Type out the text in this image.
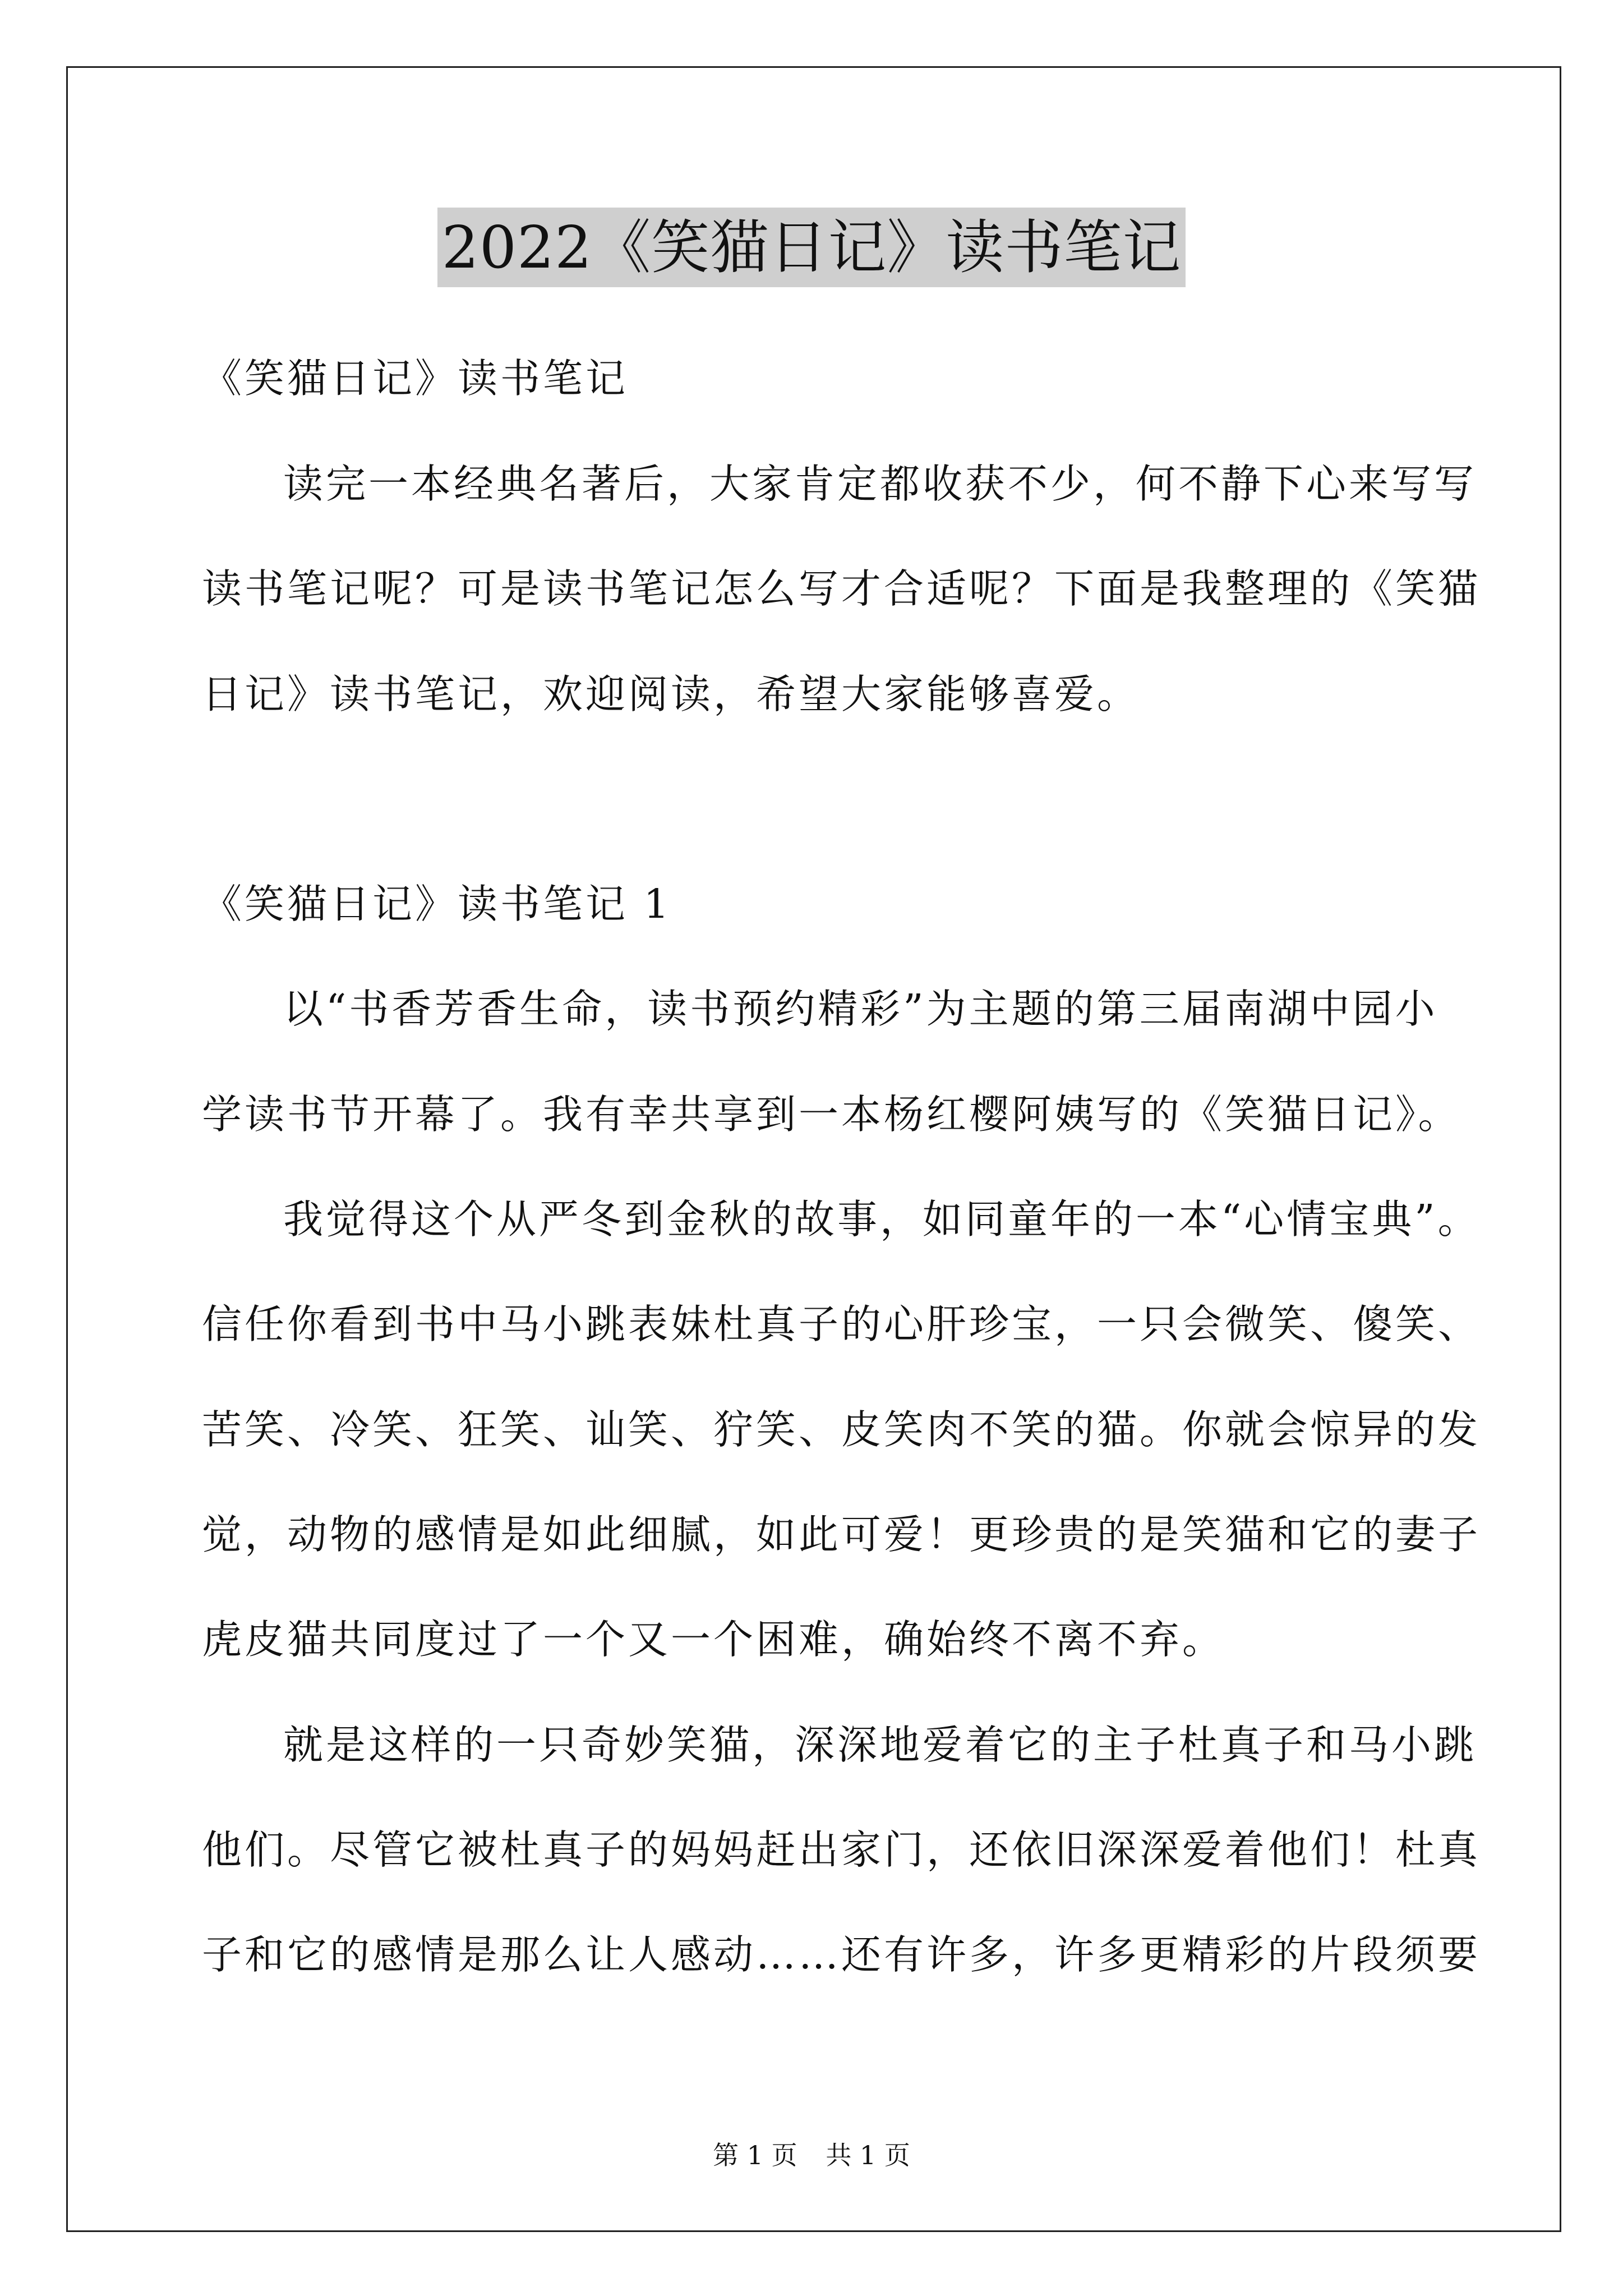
2022《笑猫日记》读书笔记
《笑猫日记》读书笔记
读完一本经典名著后，大家肯定都收获不少，何不静下心来写写
读书笔记呢？可是读书笔记怎么写才合适呢？下面是我整理的《笑猫
日记》读书笔记，欢迎阅读，希望大家能够喜爱。
《笑猫日记》读书笔记 1
以“书香芳香生命，读书预约精彩”为主题的第三届南湖中园小
学读书节开幕了。我有幸共享到一本杨红樱阿姨写的《笑猫日记》。
我觉得这个从严冬到金秋的故事，如同童年的一本“心情宝典”。
信任你看到书中马小跳表妹杜真子的心肝珍宝，一只会微笑、傻笑、
苦笑、冷笑、狂笑、讪笑、狞笑、皮笑肉不笑的猫。你就会惊异的发
觉，动物的感情是如此细腻，如此可爱！更珍贵的是笑猫和它的妻子
虎皮猫共同度过了一个又一个困难，确始终不离不弃。
就是这样的一只奇妙笑猫，深深地爱着它的主子杜真子和马小跳
他们。尽管它被杜真子的妈妈赶出家门，还依旧深深爱着他们！杜真
子和它的感情是那么让人感动……还有许多，许多更精彩的片段须要
第 1 页 共 1 页
